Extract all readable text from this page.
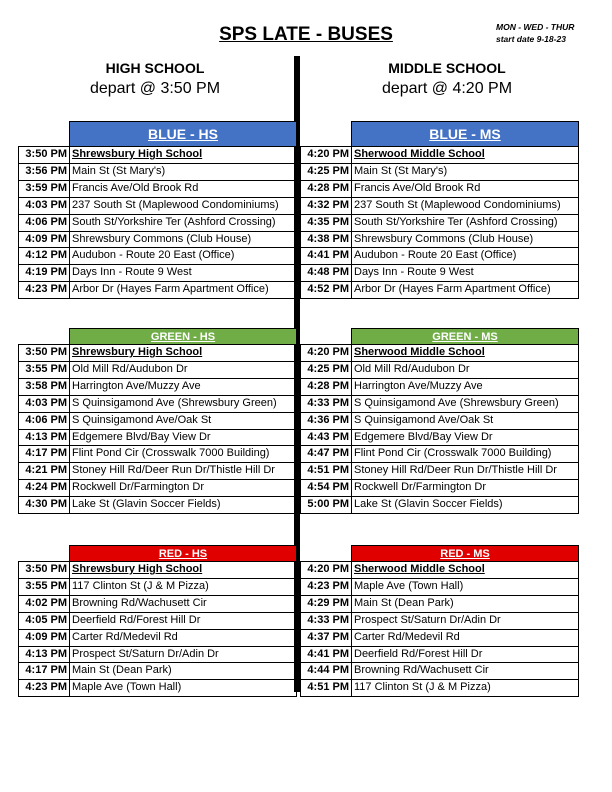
SPS LATE - BUSES	MON - WED - THUR
start date 9-18-23
HIGH SCHOOL
depart @ 3:50 PM
MIDDLE SCHOOL
depart @ 4:20 PM
	BLUE - HS
3:50 PM	Shrewsbury High School
3:56 PM	Main St (St Mary's)
3:59 PM	Francis Ave/Old Brook Rd
4:03 PM	237 South St (Maplewood Condominiums)
4:06 PM	South St/Yorkshire Ter (Ashford Crossing)
4:09 PM	Shrewsbury Commons (Club House)
4:12 PM	Audubon - Route 20 East (Office)
4:19 PM	Days Inn - Route 9 West
4:23 PM	Arbor Dr (Hayes Farm Apartment Office)
	BLUE - MS
4:20 PM	Sherwood Middle School
4:25 PM	Main St (St Mary's)
4:28 PM	Francis Ave/Old Brook Rd
4:32 PM	237 South St (Maplewood Condominiums)
4:35 PM	South St/Yorkshire Ter (Ashford Crossing)
4:38 PM	Shrewsbury Commons (Club House)
4:41 PM	Audubon - Route 20 East (Office)
4:48 PM	Days Inn - Route 9 West
4:52 PM	Arbor Dr (Hayes Farm Apartment Office)
	GREEN - HS
3:50 PM	Shrewsbury High School
3:55 PM	Old Mill Rd/Audubon Dr
3:58 PM	Harrington Ave/Muzzy Ave
4:03 PM	S Quinsigamond Ave (Shrewsbury Green)
4:06 PM	S Quinsigamond Ave/Oak St
4:13 PM	Edgemere Blvd/Bay View Dr
4:17 PM	Flint Pond Cir (Crosswalk 7000 Building)
4:21 PM	Stoney Hill Rd/Deer Run Dr/Thistle Hill Dr
4:24 PM	Rockwell Dr/Farmington Dr
4:30 PM	Lake St (Glavin Soccer Fields)
	GREEN - MS
4:20 PM	Sherwood Middle School
4:25 PM	Old Mill Rd/Audubon Dr
4:28 PM	Harrington Ave/Muzzy Ave
4:33 PM	S Quinsigamond Ave (Shrewsbury Green)
4:36 PM	S Quinsigamond Ave/Oak St
4:43 PM	Edgemere Blvd/Bay View Dr
4:47 PM	Flint Pond Cir (Crosswalk 7000 Building)
4:51 PM	Stoney Hill Rd/Deer Run Dr/Thistle Hill Dr
4:54 PM	Rockwell Dr/Farmington Dr
5:00 PM	Lake St (Glavin Soccer Fields)
	RED - HS
3:50 PM	Shrewsbury High School
3:55 PM	117 Clinton St (J & M Pizza)
4:02 PM	Browning Rd/Wachusett Cir
4:05 PM	Deerfield Rd/Forest Hill Dr
4:09 PM	Carter Rd/Medevil Rd
4:13 PM	Prospect St/Saturn Dr/Adin Dr
4:17 PM	Main St (Dean Park)
4:23 PM	Maple Ave (Town Hall)
	RED - MS
4:20 PM	Sherwood Middle School
4:23 PM	Maple Ave (Town Hall)
4:29 PM	Main St (Dean Park)
4:33 PM	Prospect St/Saturn Dr/Adin Dr
4:37 PM	Carter Rd/Medevil Rd
4:41 PM	Deerfield Rd/Forest Hill Dr
4:44 PM	Browning Rd/Wachusett Cir
4:51 PM	117 Clinton St (J & M Pizza)
